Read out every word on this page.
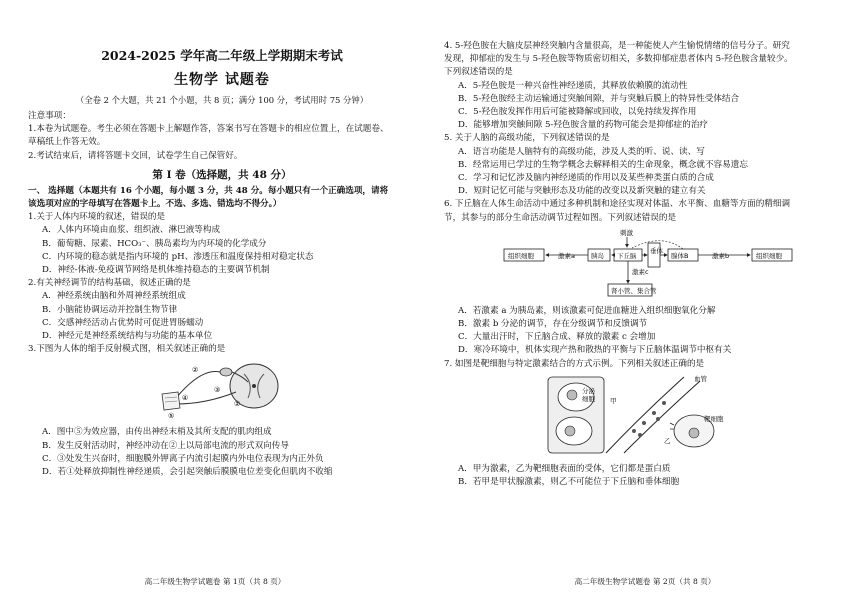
2024-2025 学年高二年级上学期期末考试
生物学 试题卷
（全卷 2 个大题，共 21 个小题，共 8 页；满分 100 分，考试用时 75 分钟）

注意事项：

1.本卷为试题卷。考生必须在答题卡上解题作答，答案书写在答题卡的相应位置上，在试题卷、

草稿纸上作答无效。

2.考试结束后，请将答题卡交回，试卷学生自己保管好。

第 I 卷（选择题，共 48 分）

一、 选择题（本题共有 16 个小题，每小题 3 分，共 48 分。每小题只有一个正确选项，请将

该选项对应的字母填写在答题卡上。不选、多选、错选均不得分。）

1.关于人体内环境的叙述，错误的是

A．人体内环境由血浆、组织液、淋巴液等构成
B．葡萄糖、尿素、HCO₃⁻、胰岛素均为内环境的化学成分
C．内环境的稳态就是指内环境的 pH、渗透压和温度保持相对稳定状态
D．神经-体液-免疫调节网络是机体维持稳态的主要调节机制

2.有关神经调节的结构基础，叙述正确的是

A．神经系统由脑和外周神经系统组成
B．小脑能协调运动并控制生物节律
C．交感神经活动占优势时可促进胃肠蠕动
D．神经元是神经系统结构与功能的基本单位

3.下图为人体的缩手反射模式图，相关叙述正确的是

②
③
①
④
⑤
A．图中⑤为效应器，由传出神经末梢及其所支配的肌肉组成
B．发生反射活动时，神经冲动在②上以局部电流的形式双向传导
C．③处发生兴奋时，细胞膜外钾离子内流引起膜内外电位表现为内正外负
D．若①处释放抑制性神经递质，会引起突触后膜膜电位差变化但肌肉不收缩
高二年级生物学试题卷 第 1页（共 8 页）

4. 5-羟色胺在大脑皮层神经突触内含量很高，是一种能使人产生愉悦情绪的信号分子。研究

发现，抑郁症的发生与 5-羟色胺等物质密切相关，多数抑郁症患者体内 5-羟色胺含量较少。

下列叙述错误的是

A．5-羟色胺是一种兴奋性神经递质，其释放依赖膜的流动性
B．5-羟色胺经主动运输通过突触间隙，并与突触后膜上的特异性受体结合
C．5-羟色胺发挥作用后可能被降解或回收，以免持续发挥作用
D．能够增加突触间隙 5-羟色胺含量的药物可能会是抑郁症的治疗

5. 关于人脑的高级功能，下列叙述错误的是

A．语言功能是人脑特有的高级功能，涉及人类的听、说、读、写
B．经常运用已学过的生物学概念去解释相关的生命现象，概念就不容易遗忘
C．学习和记忆涉及脑内神经递质的作用以及某些种类蛋白质的合成
D．短时记忆可能与突触形态及功能的改变以及新突触的建立有关

6. 下丘脑在人体生命活动中通过多种机制和途径实现对体温、水平衡、血糖等方面的精细调

节，其参与的部分生命活动调节过程如图。下列叙述错误的是

刺激
组织细胞	激素a 胰岛 下丘脑
垂体
腺体B	激素b	组织细胞
激素c
肾小管、集合管
A．若激素 a 为胰岛素，则该激素可促进血糖进入组织细胞氧化分解
B．激素 b 分泌的调节，存在分级调节和反馈调节
C．大量出汗时，下丘脑合成、释放的激素 c 会增加
D．寒冷环境中，机体实现产热和散热的平衡与下丘脑体温调节中枢有关

7. 如图是靶细胞与特定激素结合的方式示例。下列相关叙述正确的是

分泌
细胞
血管
甲
乙
靶细胞
A．甲为激素，乙为靶细胞表面的受体，它们都是蛋白质
B．若甲是甲状腺激素，则乙不可能位于下丘脑和垂体细胞
高二年级生物学试题卷 第 2页（共 8 页）
